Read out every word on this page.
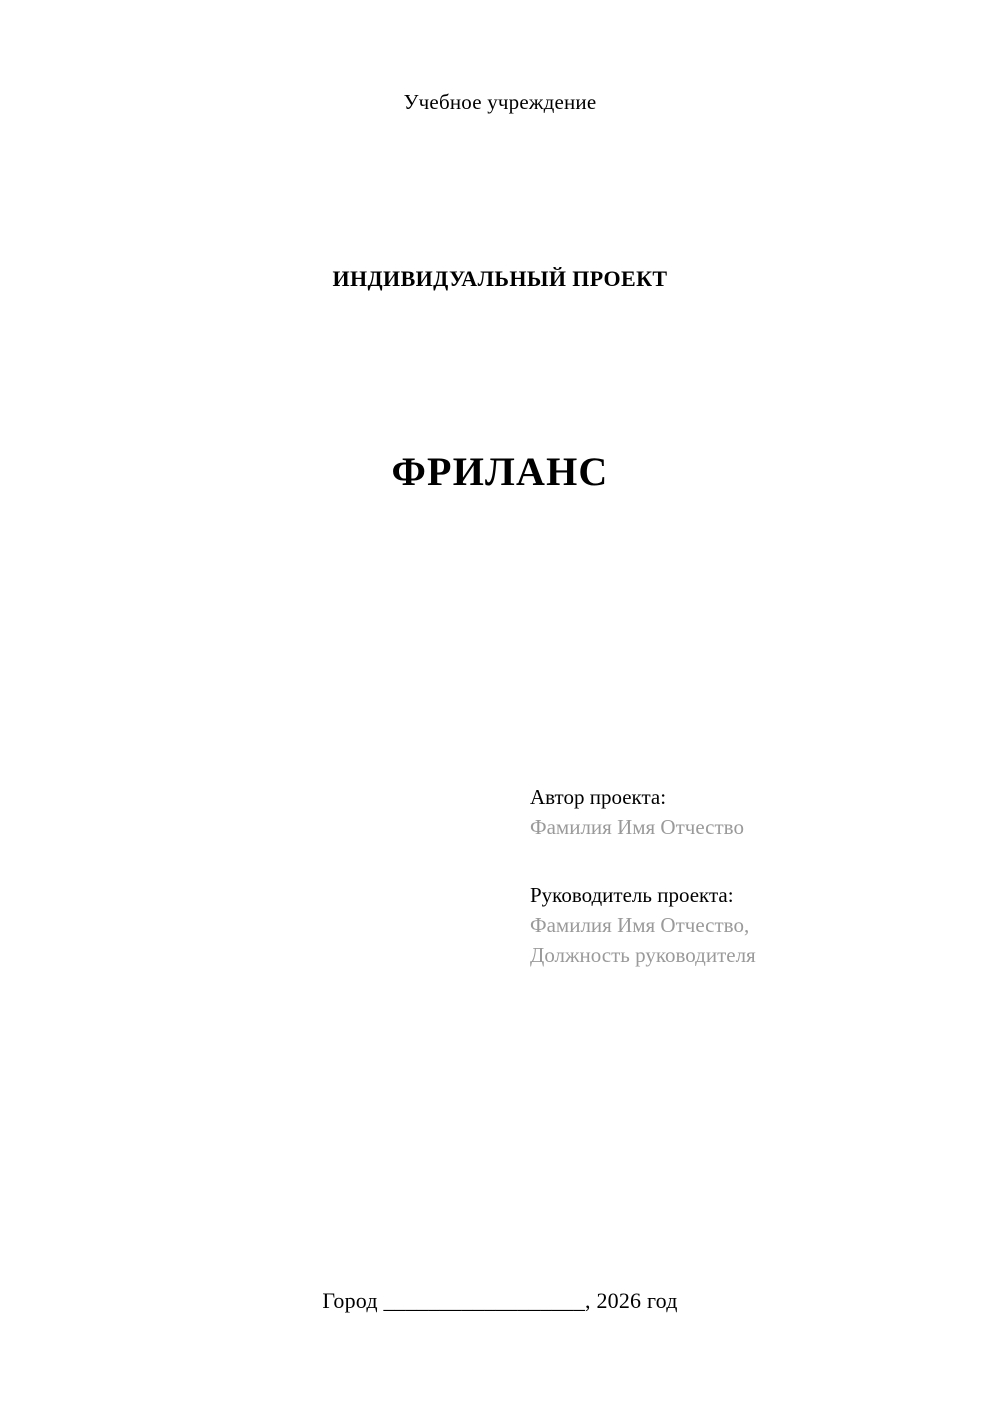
Учебное учреждение
ИНДИВИДУАЛЬНЫЙ ПРОЕКТ
ФРИЛАНС

Автор проекта:

Фамилия Имя Отчество

Руководитель проекта:

Фамилия Имя Отчество,

Должность руководителя

Город __________________, 2026 год
